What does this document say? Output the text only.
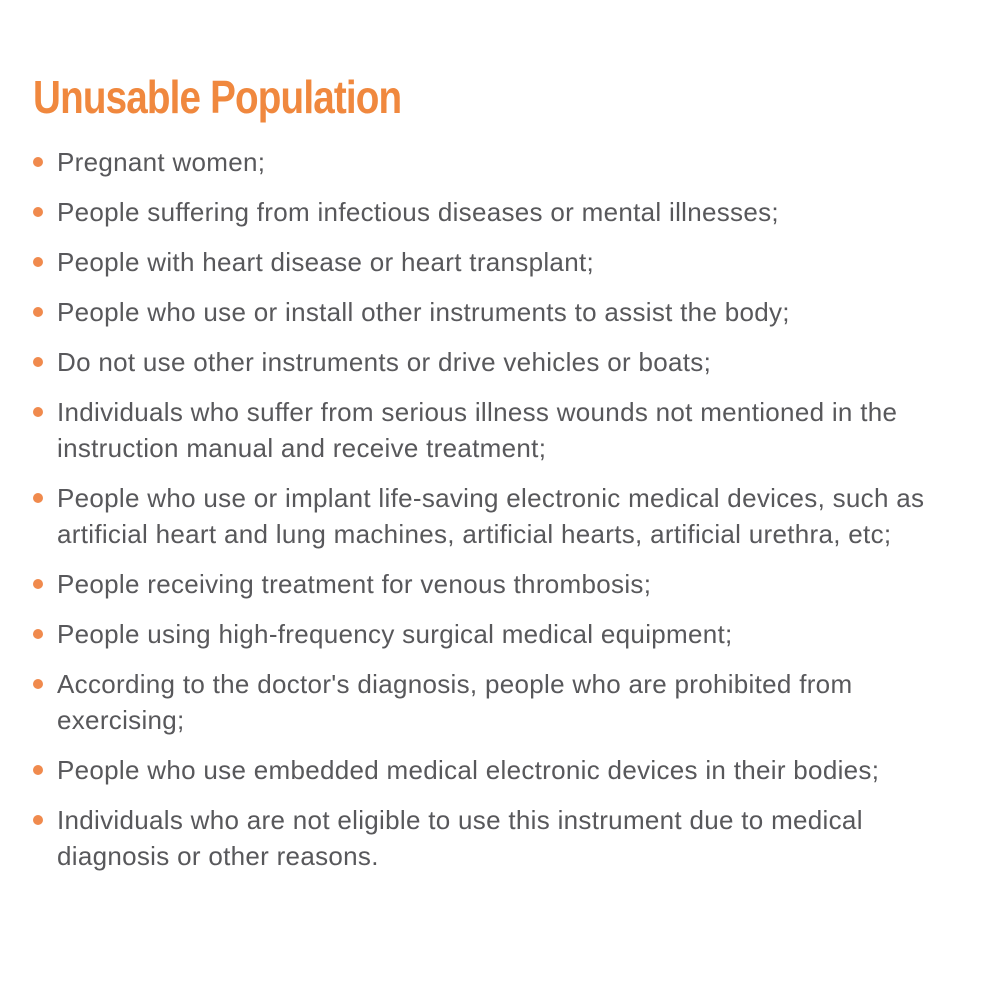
Unusable Population
Pregnant women;
People suffering from infectious diseases or mental illnesses;
People with heart disease or heart transplant;
People who use or install other instruments to assist the body;
Do not use other instruments or drive vehicles or boats;
Individuals who suffer from serious illness wounds not mentioned in the instruction manual and receive treatment;
People who use or implant life-saving electronic medical devices, such as artificial heart and lung machines, artificial hearts, artificial urethra, etc;
People receiving treatment for venous thrombosis;
People using high-frequency surgical medical equipment;
According to the doctor's diagnosis, people who are prohibited from exercising;
People who use embedded medical electronic devices in their bodies;
Individuals who are not eligible to use this instrument due to medical diagnosis or other reasons.
